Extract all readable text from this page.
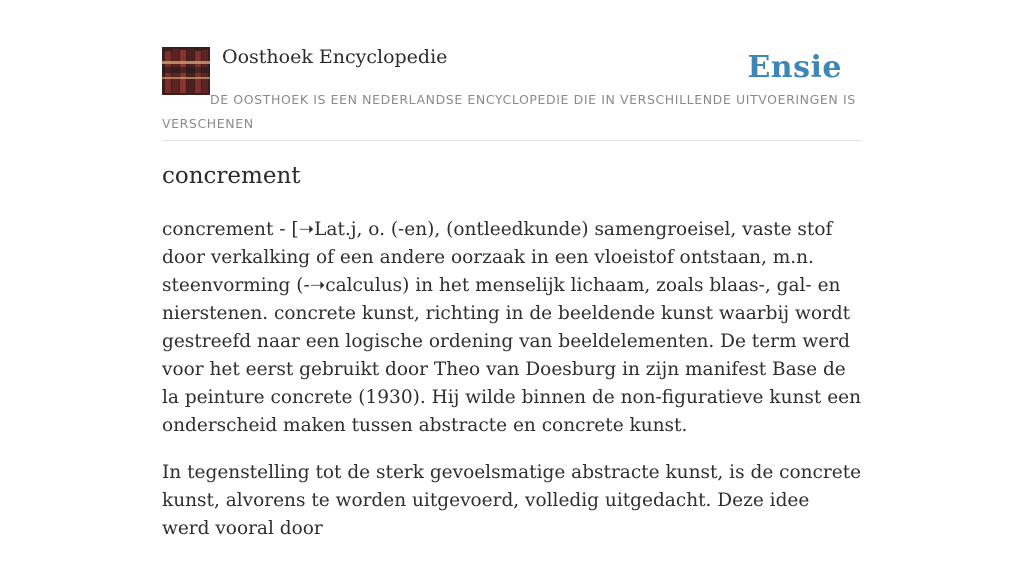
Oosthoek Encyclopedie	Ensie
DE OOSTHOEK IS EEN NEDERLANDSE ENCYCLOPEDIE DIE IN VERSCHILLENDE UITVOERINGEN IS VERSCHENEN
concrement

concrement - [➝Lat.j, o. (-en), (ontleedkunde) samengroeisel, vaste stof door verkalking of een andere oorzaak in een vloeistof ontstaan, m.n. steenvorming (-➝calculus) in het menselijk lichaam, zoals blaas-, gal- en nierstenen. concrete kunst, richting in de beeldende kunst waarbij wordt gestreefd naar een logische ordening van beeldelementen. De term werd voor het eerst gebruikt door Theo van Doesburg in zijn manifest Base de la peinture concrete (1930). Hij wilde binnen de non-figuratieve kunst een onderscheid maken tussen abstracte en concrete kunst.

In tegenstelling tot de sterk gevoelsmatige abstracte kunst, is de concrete kunst, alvorens te worden uitgevoerd, volledig uitgedacht. Deze idee werd vooral door
